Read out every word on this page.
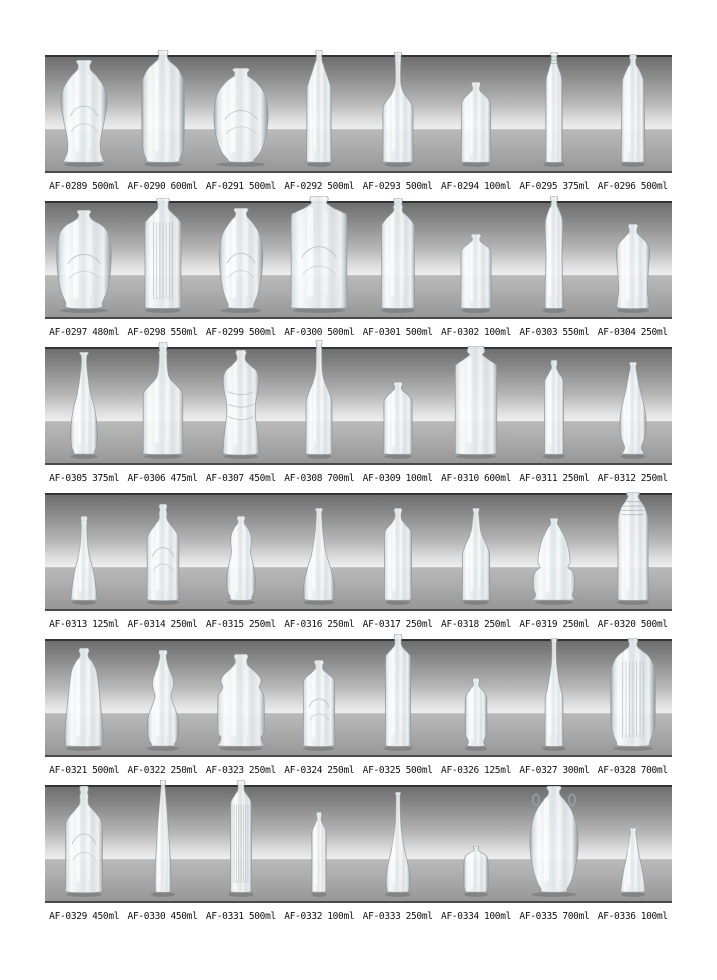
AF-0289 500ml AF-0290 600ml AF-0291 500ml AF-0292 500ml AF-0293 500ml AF-0294 100ml AF-0295 375ml AF-0296 500ml
AF-0297 480ml AF-0298 550ml AF-0299 500ml AF-0300 500ml AF-0301 500ml AF-0302 100ml AF-0303 550ml AF-0304 250ml
AF-0305 375ml AF-0306 475ml AF-0307 450ml AF-0308 700ml AF-0309 100ml AF-0310 600ml AF-0311 250ml AF-0312 250ml
AF-0313 125ml AF-0314 250ml AF-0315 250ml AF-0316 250ml AF-0317 250ml AF-0318 250ml AF-0319 250ml AF-0320 500ml
AF-0321 500ml AF-0322 250ml AF-0323 250ml AF-0324 250ml AF-0325 500ml AF-0326 125ml AF-0327 300ml AF-0328 700ml
AF-0329 450ml AF-0330 450ml AF-0331 500ml AF-0332 100ml AF-0333 250ml AF-0334 100ml AF-0335 700ml AF-0336 100ml
